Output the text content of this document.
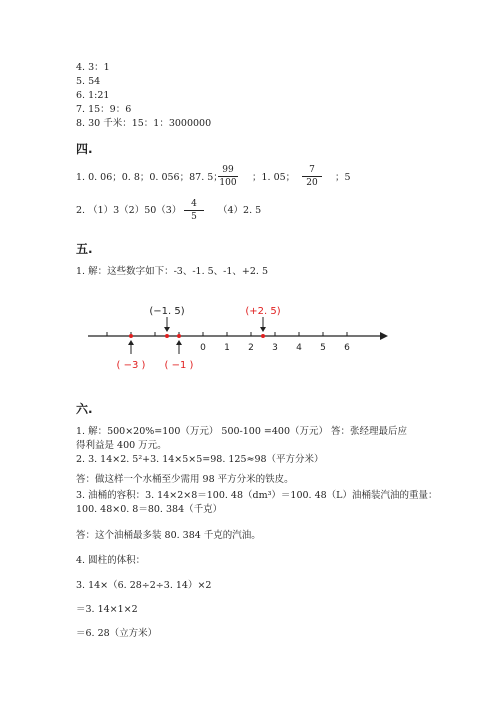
4. 3：1
5. 54
6. 1:21
7. 15：9：6
8. 30 千米：15：1：3000000
四.
1. 0. 06；0. 8；0. 056；87. 5；
99
100 ；1. 05；
7
20	；5
2. （1）3（2）50（3）
4
5
（4）2. 5
五.
1. 解：这些数字如下：-3、-1. 5、-1、+2. 5
0 1 2 3 4 5 6
(−1. 5)	(+2. 5)
( −3 ) ( −1 )
六.
1. 解：500×20%=100（万元） 500-100 =400（万元） 答：张经理最后应
得利益是 400 万元。
2. 3. 14×2. 5²+3. 14×5×5=98. 125≈98（平方分米）
答：做这样一个水桶至少需用 98 平方分米的铁皮。
3. 油桶的容积：3. 14×2×8＝100. 48（dm³）＝100. 48（L）油桶装汽油的重量：
100. 48×0. 8＝80. 384（千克）
答：这个油桶最多装 80. 384 千克的汽油。
4. 圆柱的体积：
3. 14×（6. 28÷2÷3. 14）×2
＝3. 14×1×2
＝6. 28（立方米）
